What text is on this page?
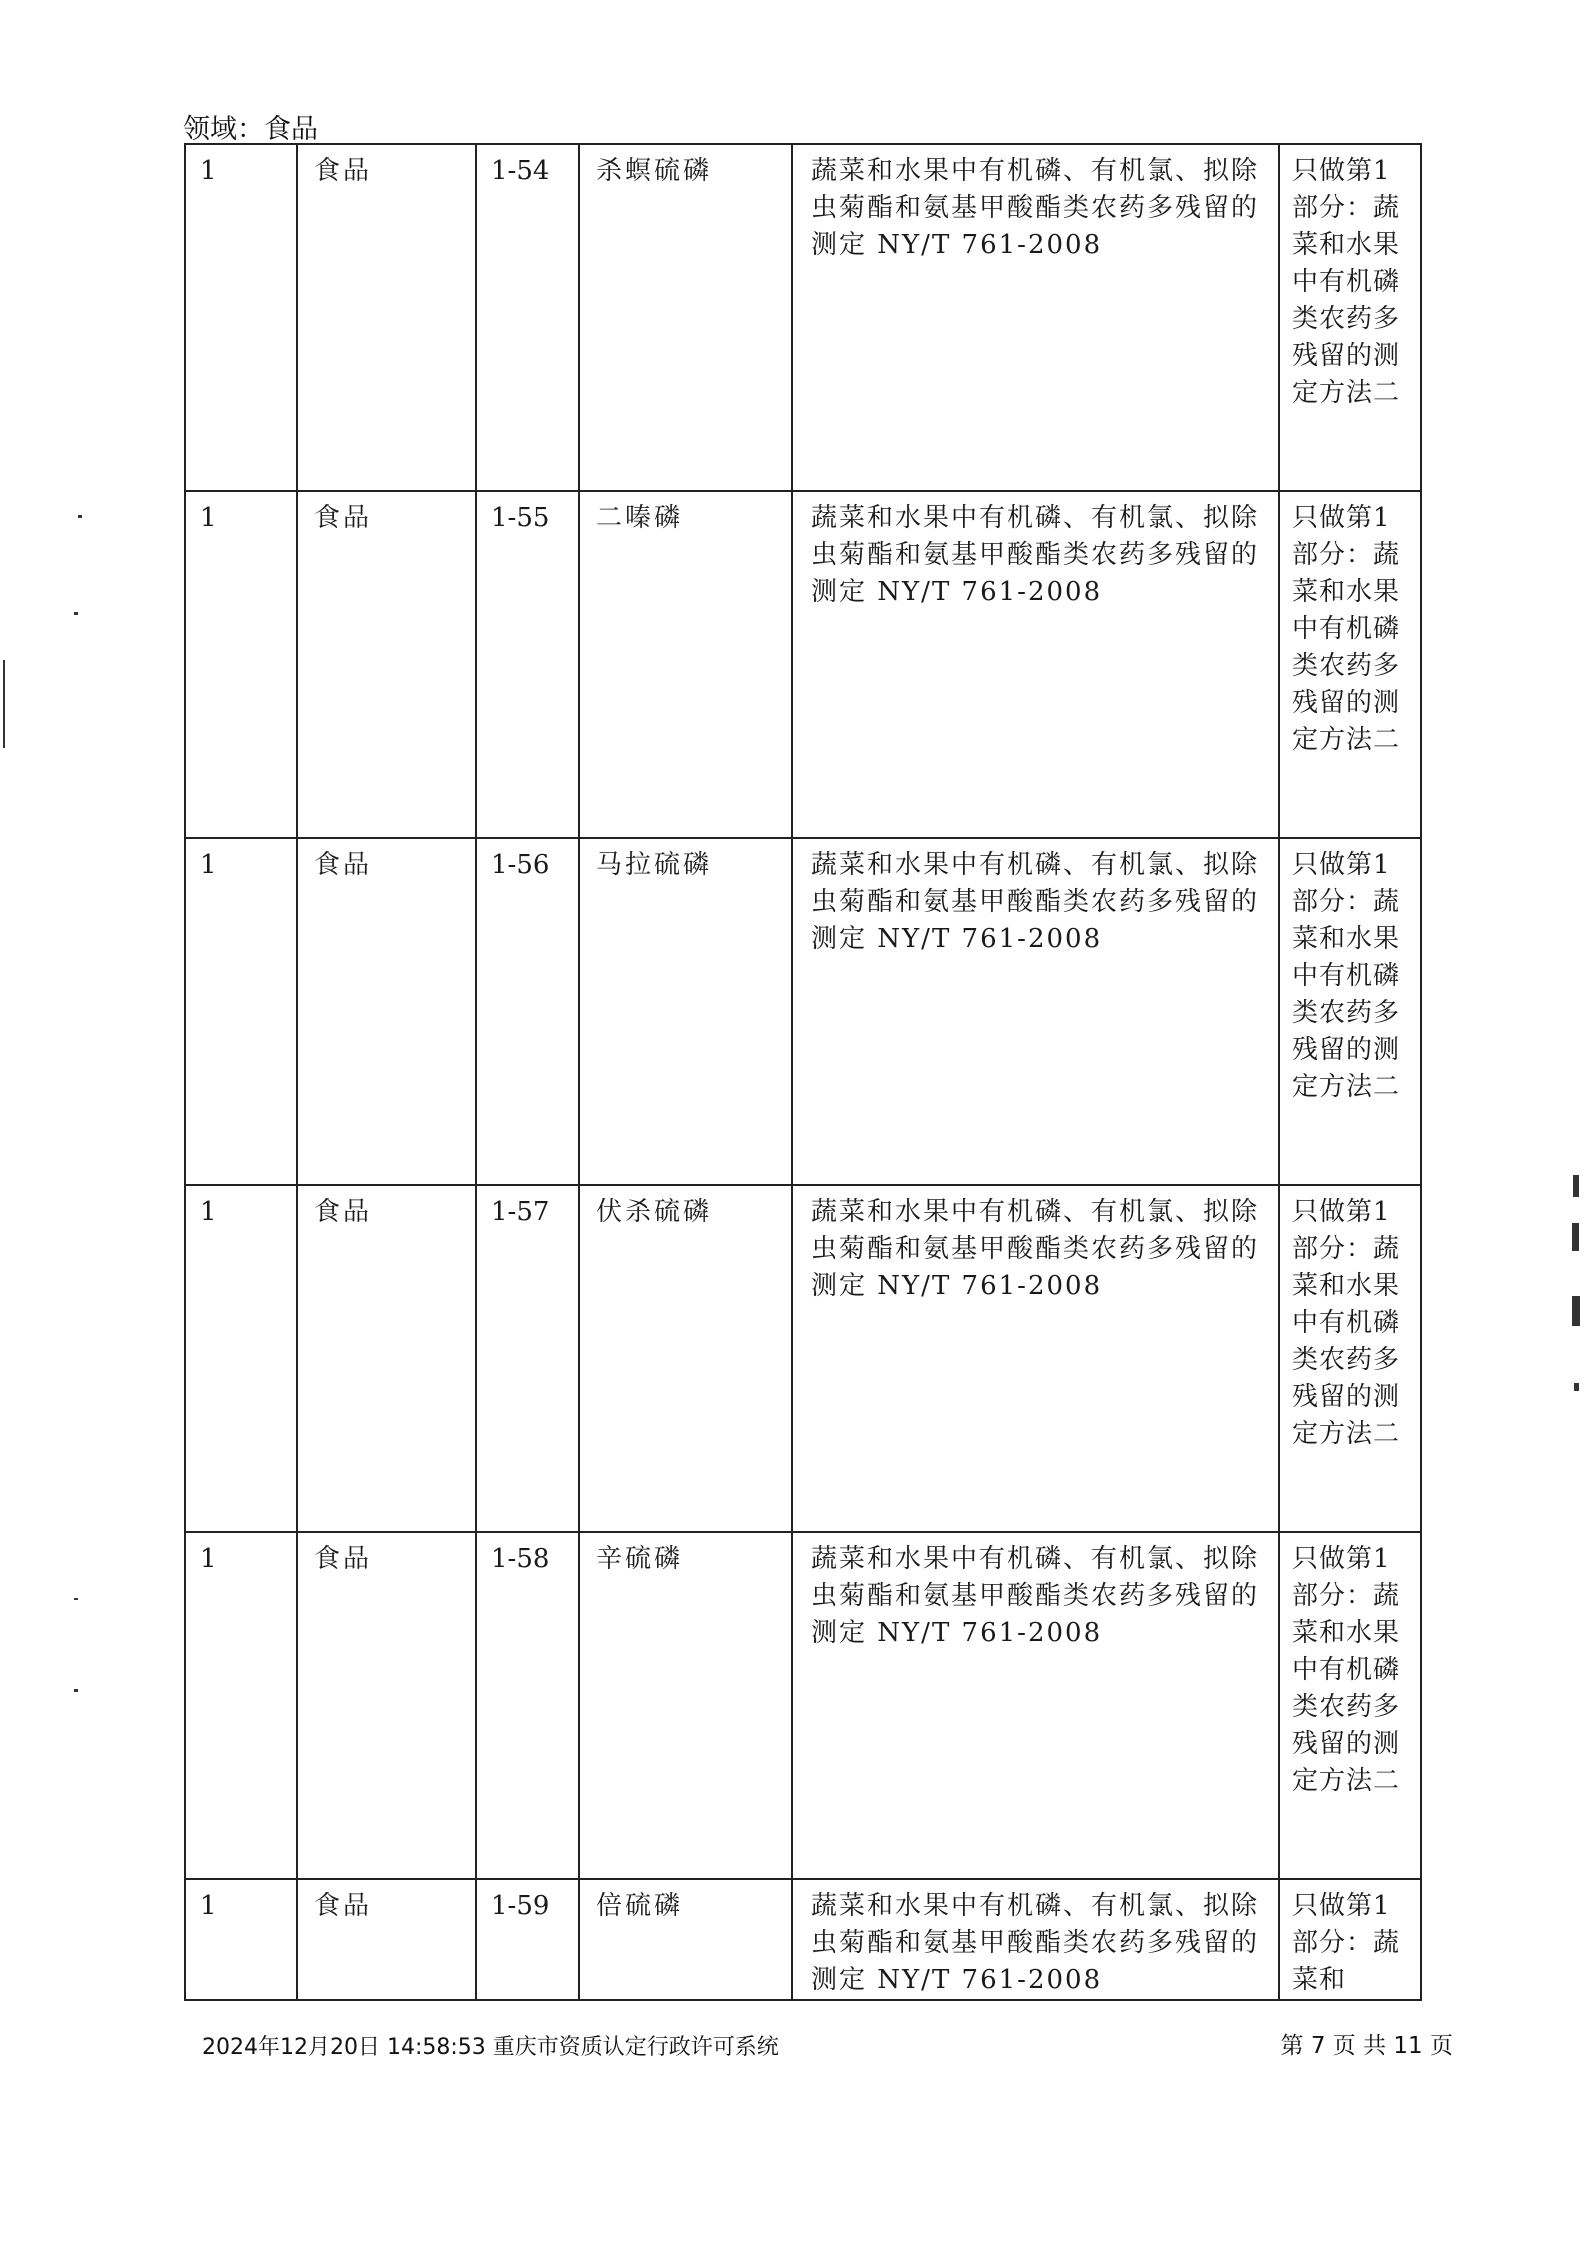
领域：食品
1	食品	1-54	杀螟硫磷	蔬菜和水果中有机磷、有机氯、拟除虫菊酯和氨基甲酸酯类农药多残留的测定 NY/T 761-2008	只做第1部分：蔬菜和水果中有机磷类农药多残留的测定方法二

1	食品	1-55	二嗪磷	蔬菜和水果中有机磷、有机氯、拟除虫菊酯和氨基甲酸酯类农药多残留的测定 NY/T 761-2008	只做第1部分：蔬菜和水果中有机磷类农药多残留的测定方法二

1	食品	1-56	马拉硫磷	蔬菜和水果中有机磷、有机氯、拟除虫菊酯和氨基甲酸酯类农药多残留的测定 NY/T 761-2008	只做第1部分：蔬菜和水果中有机磷类农药多残留的测定方法二

1	食品	1-57	伏杀硫磷	蔬菜和水果中有机磷、有机氯、拟除虫菊酯和氨基甲酸酯类农药多残留的测定 NY/T 761-2008	只做第1部分：蔬菜和水果中有机磷类农药多残留的测定方法二

1	食品	1-58	辛硫磷	蔬菜和水果中有机磷、有机氯、拟除虫菊酯和氨基甲酸酯类农药多残留的测定 NY/T 761-2008	只做第1部分：蔬菜和水果中有机磷类农药多残留的测定方法二

1	食品	1-59	倍硫磷	蔬菜和水果中有机磷、有机氯、拟除虫菊酯和氨基甲酸酯类农药多残留的测定 NY/T 761-2008	只做第1部分：蔬菜和
2024年12月20日 14:58:53 重庆市资质认定行政许可系统	第 7 页 共 11 页
